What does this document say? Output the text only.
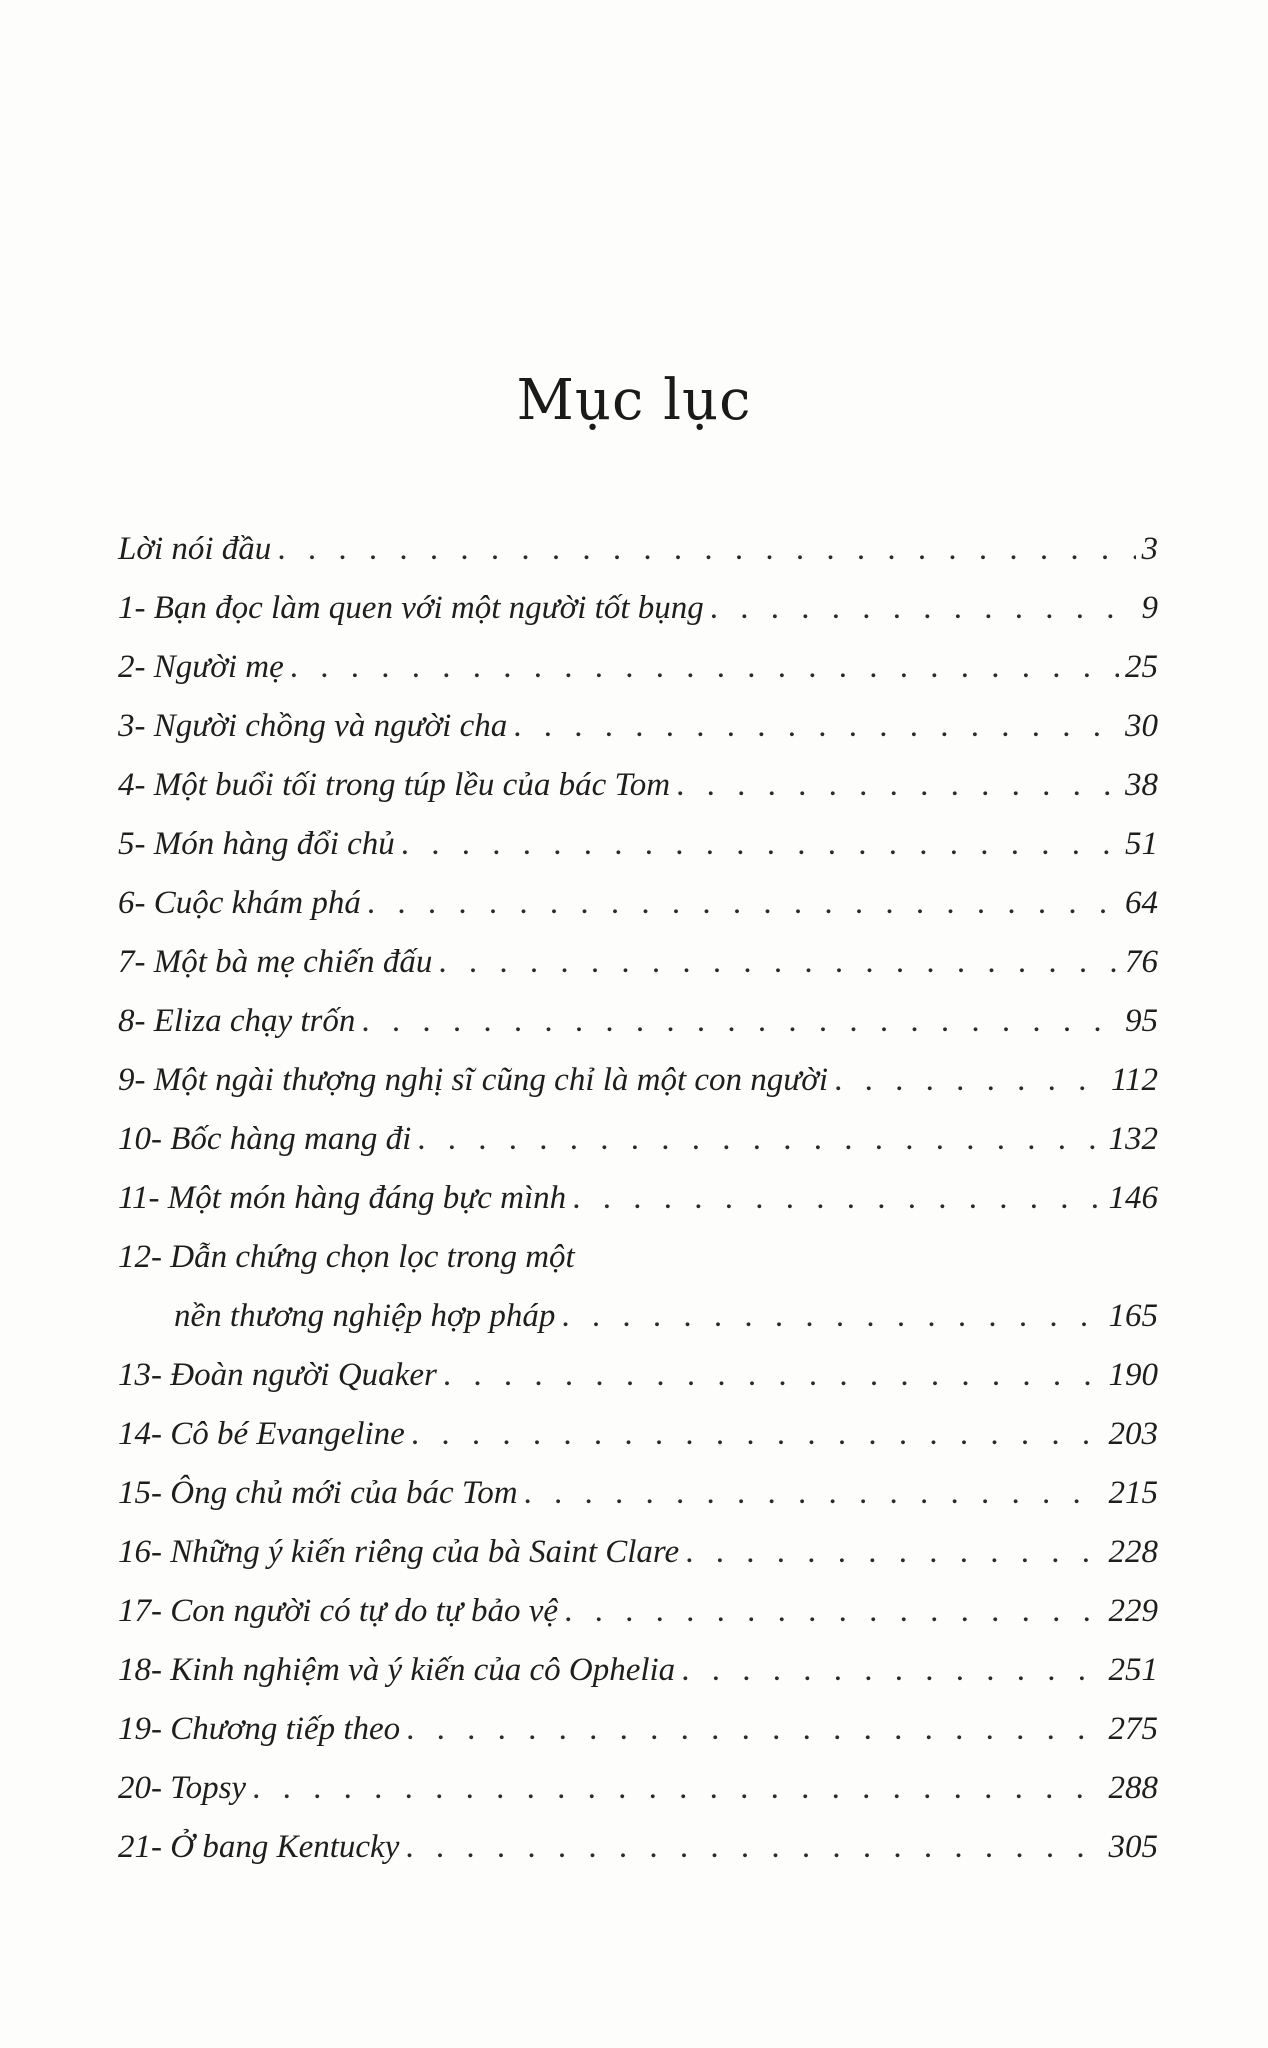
Mục lục
Lời nói đầu . . .	3
1- Bạn đọc làm quen với một người tốt bụng . . .	9
2- Người mẹ . . .	25
3- Người chồng và người cha . . .	30
4- Một buổi tối trong túp lều của bác Tom . . .	38
5- Món hàng đổi chủ . . .	51
6- Cuộc khám phá . . .	64
7- Một bà mẹ chiến đấu . . .	76
8- Eliza chạy trốn . . .	95
9- Một ngài thượng nghị sĩ cũng chỉ là một con người . . .	112
10- Bốc hàng mang đi . . .	132
11- Một món hàng đáng bực mình . . .	146
12- Dẫn chứng chọn lọc trong một
nền thương nghiệp hợp pháp . . .	165
13- Đoàn người Quaker . . .	190
14- Cô bé Evangeline . . .	203
15- Ông chủ mới của bác Tom . . .	215
16- Những ý kiến riêng của bà Saint Clare . . .	228
17- Con người có tự do tự bảo vệ . . .	229
18- Kinh nghiệm và ý kiến của cô Ophelia . . .	251
19- Chương tiếp theo . . .	275
20- Topsy . . .	288
21- Ở bang Kentucky . . .	305
